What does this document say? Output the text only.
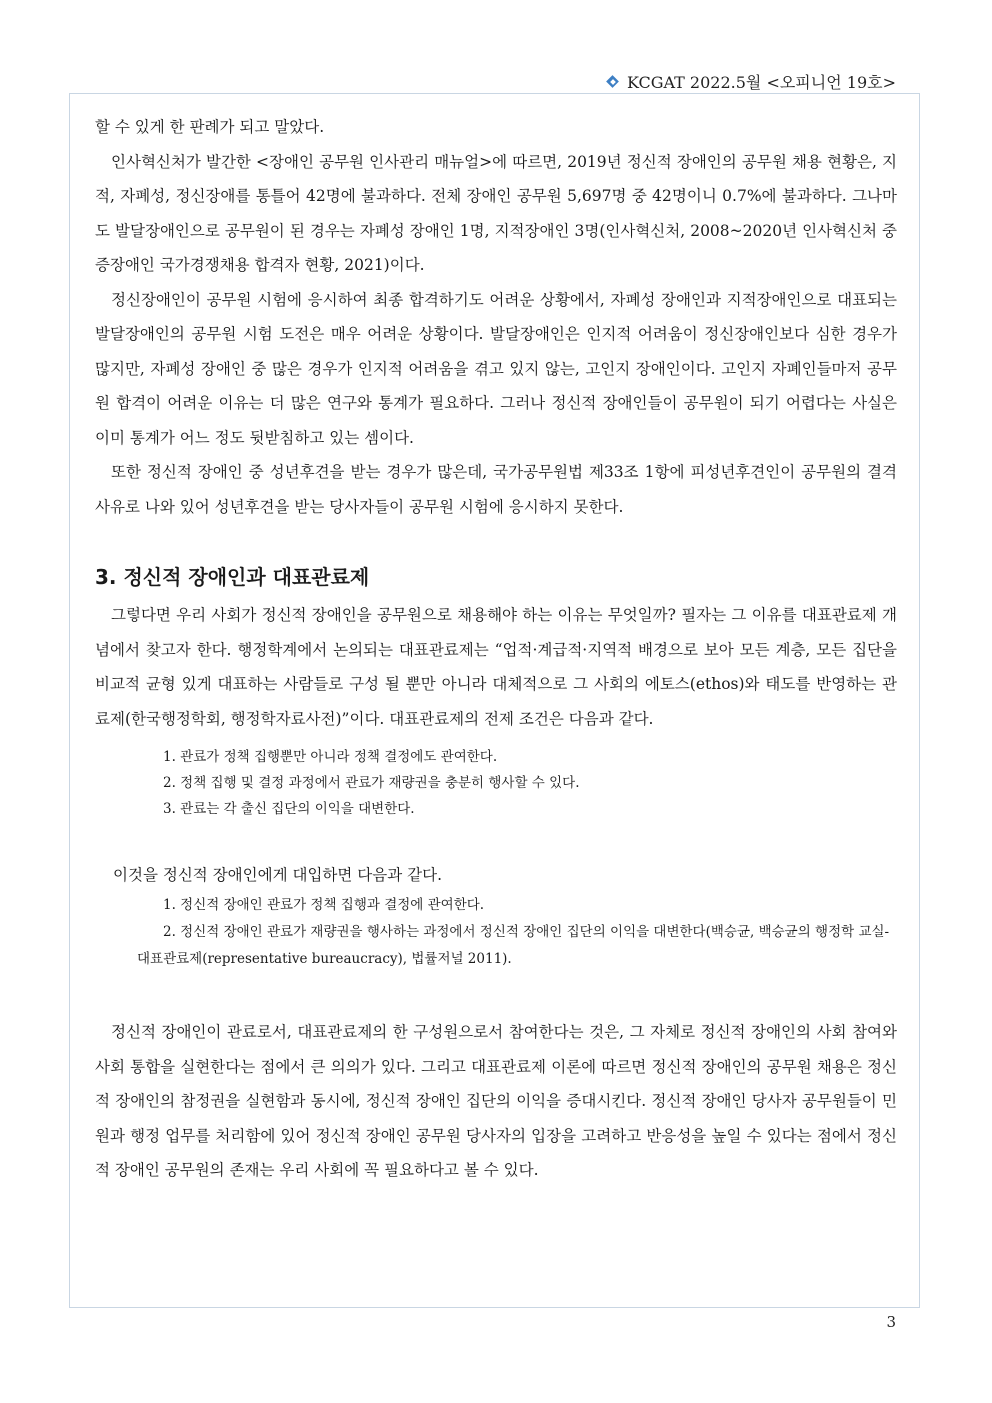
KCGAT 2022.5월 <오피니언 19호>

할 수 있게 한 판례가 되고 말았다.

인사혁신처가 발간한 <장애인 공무원 인사관리 매뉴얼>에 따르면, 2019년 정신적 장애인의 공무원 채용 현황은, 지적, 자폐성, 정신장애를 통틀어 42명에 불과하다. 전체 장애인 공무원 5,697명 중 42명이니 0.7%에 불과하다. 그나마도 발달장애인으로 공무원이 된 경우는 자폐성 장애인 1명, 지적장애인 3명(인사혁신처, 2008~2020년 인사혁신처 중증장애인 국가경쟁채용 합격자 현황, 2021)이다.

정신장애인이 공무원 시험에 응시하여 최종 합격하기도 어려운 상황에서, 자폐성 장애인과 지적장애인으로 대표되는 발달장애인의 공무원 시험 도전은 매우 어려운 상황이다. 발달장애인은 인지적 어려움이 정신장애인보다 심한 경우가 많지만, 자폐성 장애인 중 많은 경우가 인지적 어려움을 겪고 있지 않는, 고인지 장애인이다. 고인지 자폐인들마저 공무원 합격이 어려운 이유는 더 많은 연구와 통계가 필요하다. 그러나 정신적 장애인들이 공무원이 되기 어렵다는 사실은 이미 통계가 어느 정도 뒷받침하고 있는 셈이다.

또한 정신적 장애인 중 성년후견을 받는 경우가 많은데, 국가공무원법 제33조 1항에 피성년후견인이 공무원의 결격사유로 나와 있어 성년후견을 받는 당사자들이 공무원 시험에 응시하지 못한다.

3. 정신적 장애인과 대표관료제

그렇다면 우리 사회가 정신적 장애인을 공무원으로 채용해야 하는 이유는 무엇일까? 필자는 그 이유를 대표관료제 개념에서 찾고자 한다. 행정학계에서 논의되는 대표관료제는 “업적·계급적·지역적 배경으로 보아 모든 계층, 모든 집단을 비교적 균형 있게 대표하는 사람들로 구성 될 뿐만 아니라 대체적으로 그 사회의 에토스(ethos)와 태도를 반영하는 관료제(한국행정학회, 행정학자료사전)”이다. 대표관료제의 전제 조건은 다음과 같다.

1. 관료가 정책 집행뿐만 아니라 정책 결정에도 관여한다.
2. 정책 집행 및 결정 과정에서 관료가 재량권을 충분히 행사할 수 있다.
3. 관료는 각 출신 집단의 이익을 대변한다.
이것을 정신적 장애인에게 대입하면 다음과 같다.
1. 정신적 장애인 관료가 정책 집행과 결정에 관여한다.
2. 정신적 장애인 관료가 재량권을 행사하는 과정에서 정신적 장애인 집단의 이익을 대변한다(백승균, 백승균의 행정학 교실-대표관료제(representative bureaucracy), 법률저널 2011).

정신적 장애인이 관료로서, 대표관료제의 한 구성원으로서 참여한다는 것은, 그 자체로 정신적 장애인의 사회 참여와 사회 통합을 실현한다는 점에서 큰 의의가 있다. 그리고 대표관료제 이론에 따르면 정신적 장애인의 공무원 채용은 정신적 장애인의 참정권을 실현함과 동시에, 정신적 장애인 집단의 이익을 증대시킨다. 정신적 장애인 당사자 공무원들이 민원과 행정 업무를 처리함에 있어 정신적 장애인 공무원 당사자의 입장을 고려하고 반응성을 높일 수 있다는 점에서 정신적 장애인 공무원의 존재는 우리 사회에 꼭 필요하다고 볼 수 있다.

3
